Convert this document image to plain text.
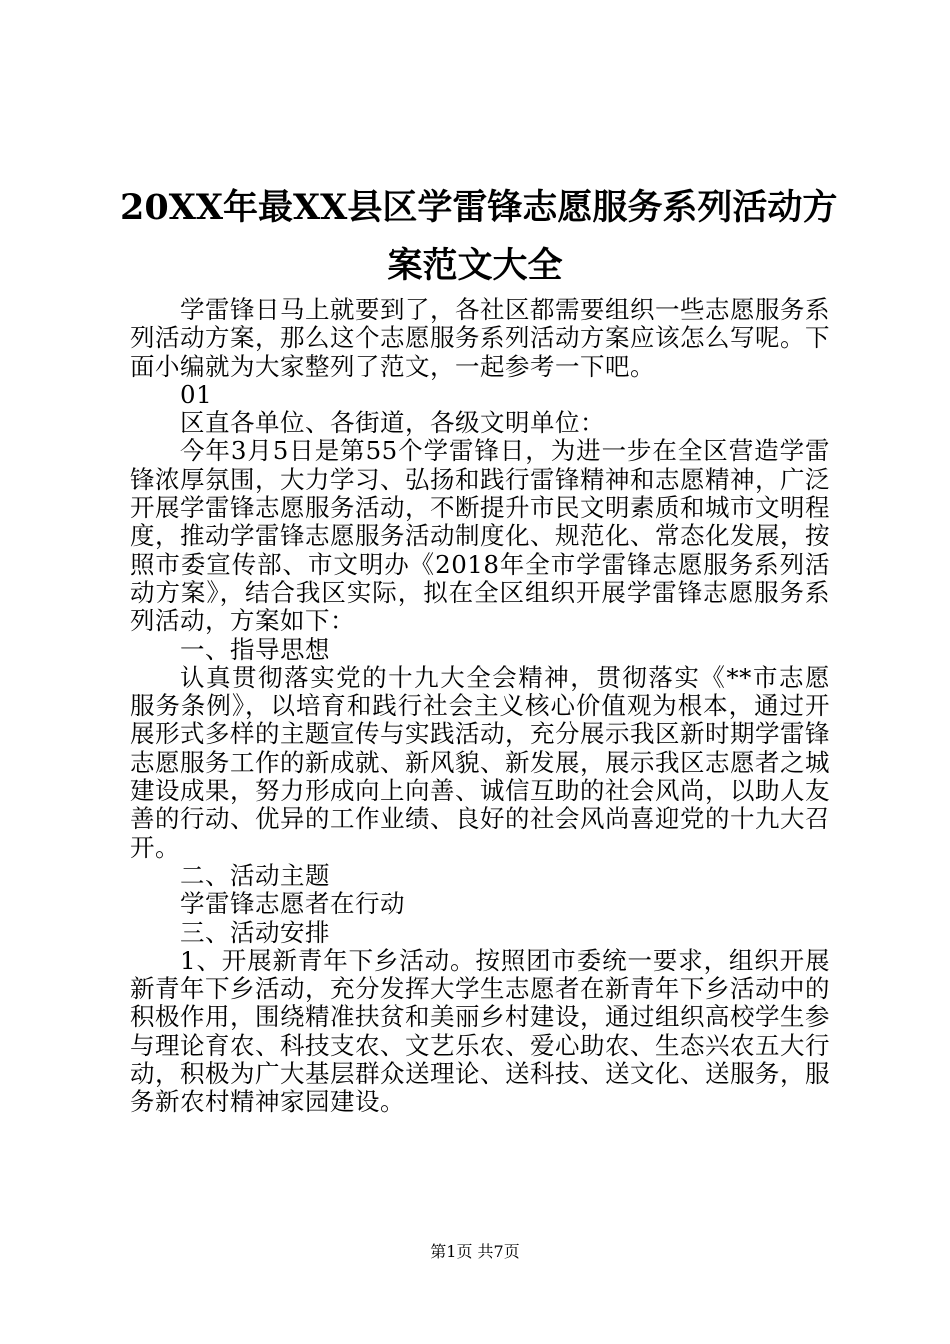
20XX年最XX县区学雷锋志愿服务系列活动方
案范文大全

学雷锋日马上就要到了，各社区都需要组织一些志愿服务系列活动方案，那么这个志愿服务系列活动方案应该怎么写呢。下面小编就为大家整列了范文，一起参考一下吧。

01

区直各单位、各街道，各级文明单位：

今年3月5日是第55个学雷锋日，为进一步在全区营造学雷锋浓厚氛围，大力学习、弘扬和践行雷锋精神和志愿精神，广泛开展学雷锋志愿服务活动，不断提升市民文明素质和城市文明程度，推动学雷锋志愿服务活动制度化、规范化、常态化发展，按照市委宣传部、市文明办《2018年全市学雷锋志愿服务系列活动方案》，结合我区实际，拟在全区组织开展学雷锋志愿服务系列活动，方案如下：

一、指导思想

认真贯彻落实党的十九大全会精神，贯彻落实《**市志愿服务条例》，以培育和践行社会主义核心价值观为根本，通过开展形式多样的主题宣传与实践活动，充分展示我区新时期学雷锋志愿服务工作的新成就、新风貌、新发展，展示我区志愿者之城建设成果，努力形成向上向善、诚信互助的社会风尚，以助人友善的行动、优异的工作业绩、良好的社会风尚喜迎党的十九大召开。

二、活动主题

学雷锋志愿者在行动

三、活动安排

1、开展新青年下乡活动。按照团市委统一要求，组织开展新青年下乡活动，充分发挥大学生志愿者在新青年下乡活动中的积极作用，围绕精准扶贫和美丽乡村建设，通过组织高校学生参与理论育农、科技支农、文艺乐农、爱心助农、生态兴农五大行动，积极为广大基层群众送理论、送科技、送文化、送服务，服务新农村精神家园建设。

第1页 共7页
